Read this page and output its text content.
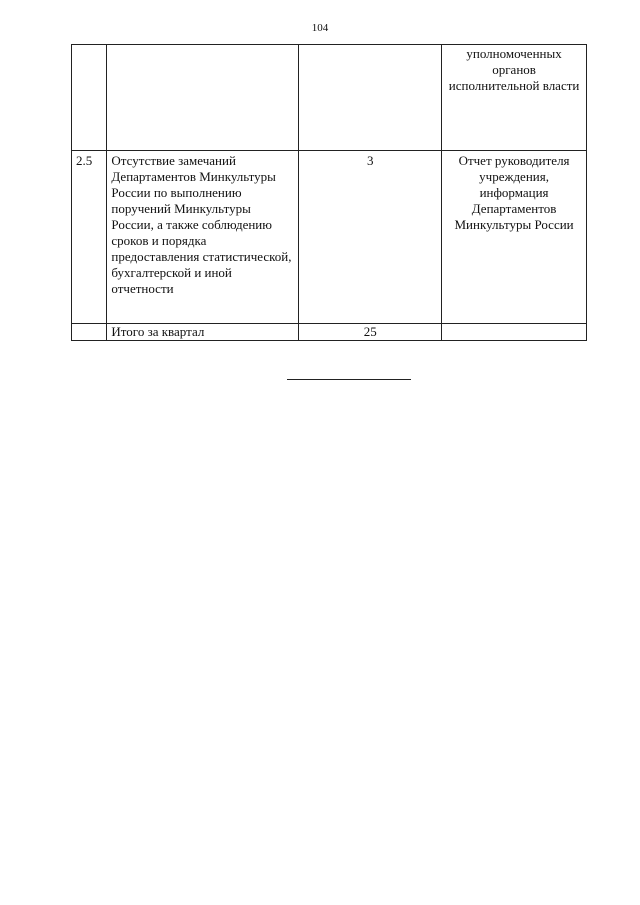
104

			уполномоченных органов исполнительной власти

2.5	Отсутствие замечаний Департаментов Минкультуры России по выполнению поручений Минкультуры России, а также соблюдению сроков и порядка предоставления статистической, бухгалтерской и иной отчетности	3	Отчет руководителя учреждения, информация Департаментов Минкультуры России

	Итого за квартал	25	
